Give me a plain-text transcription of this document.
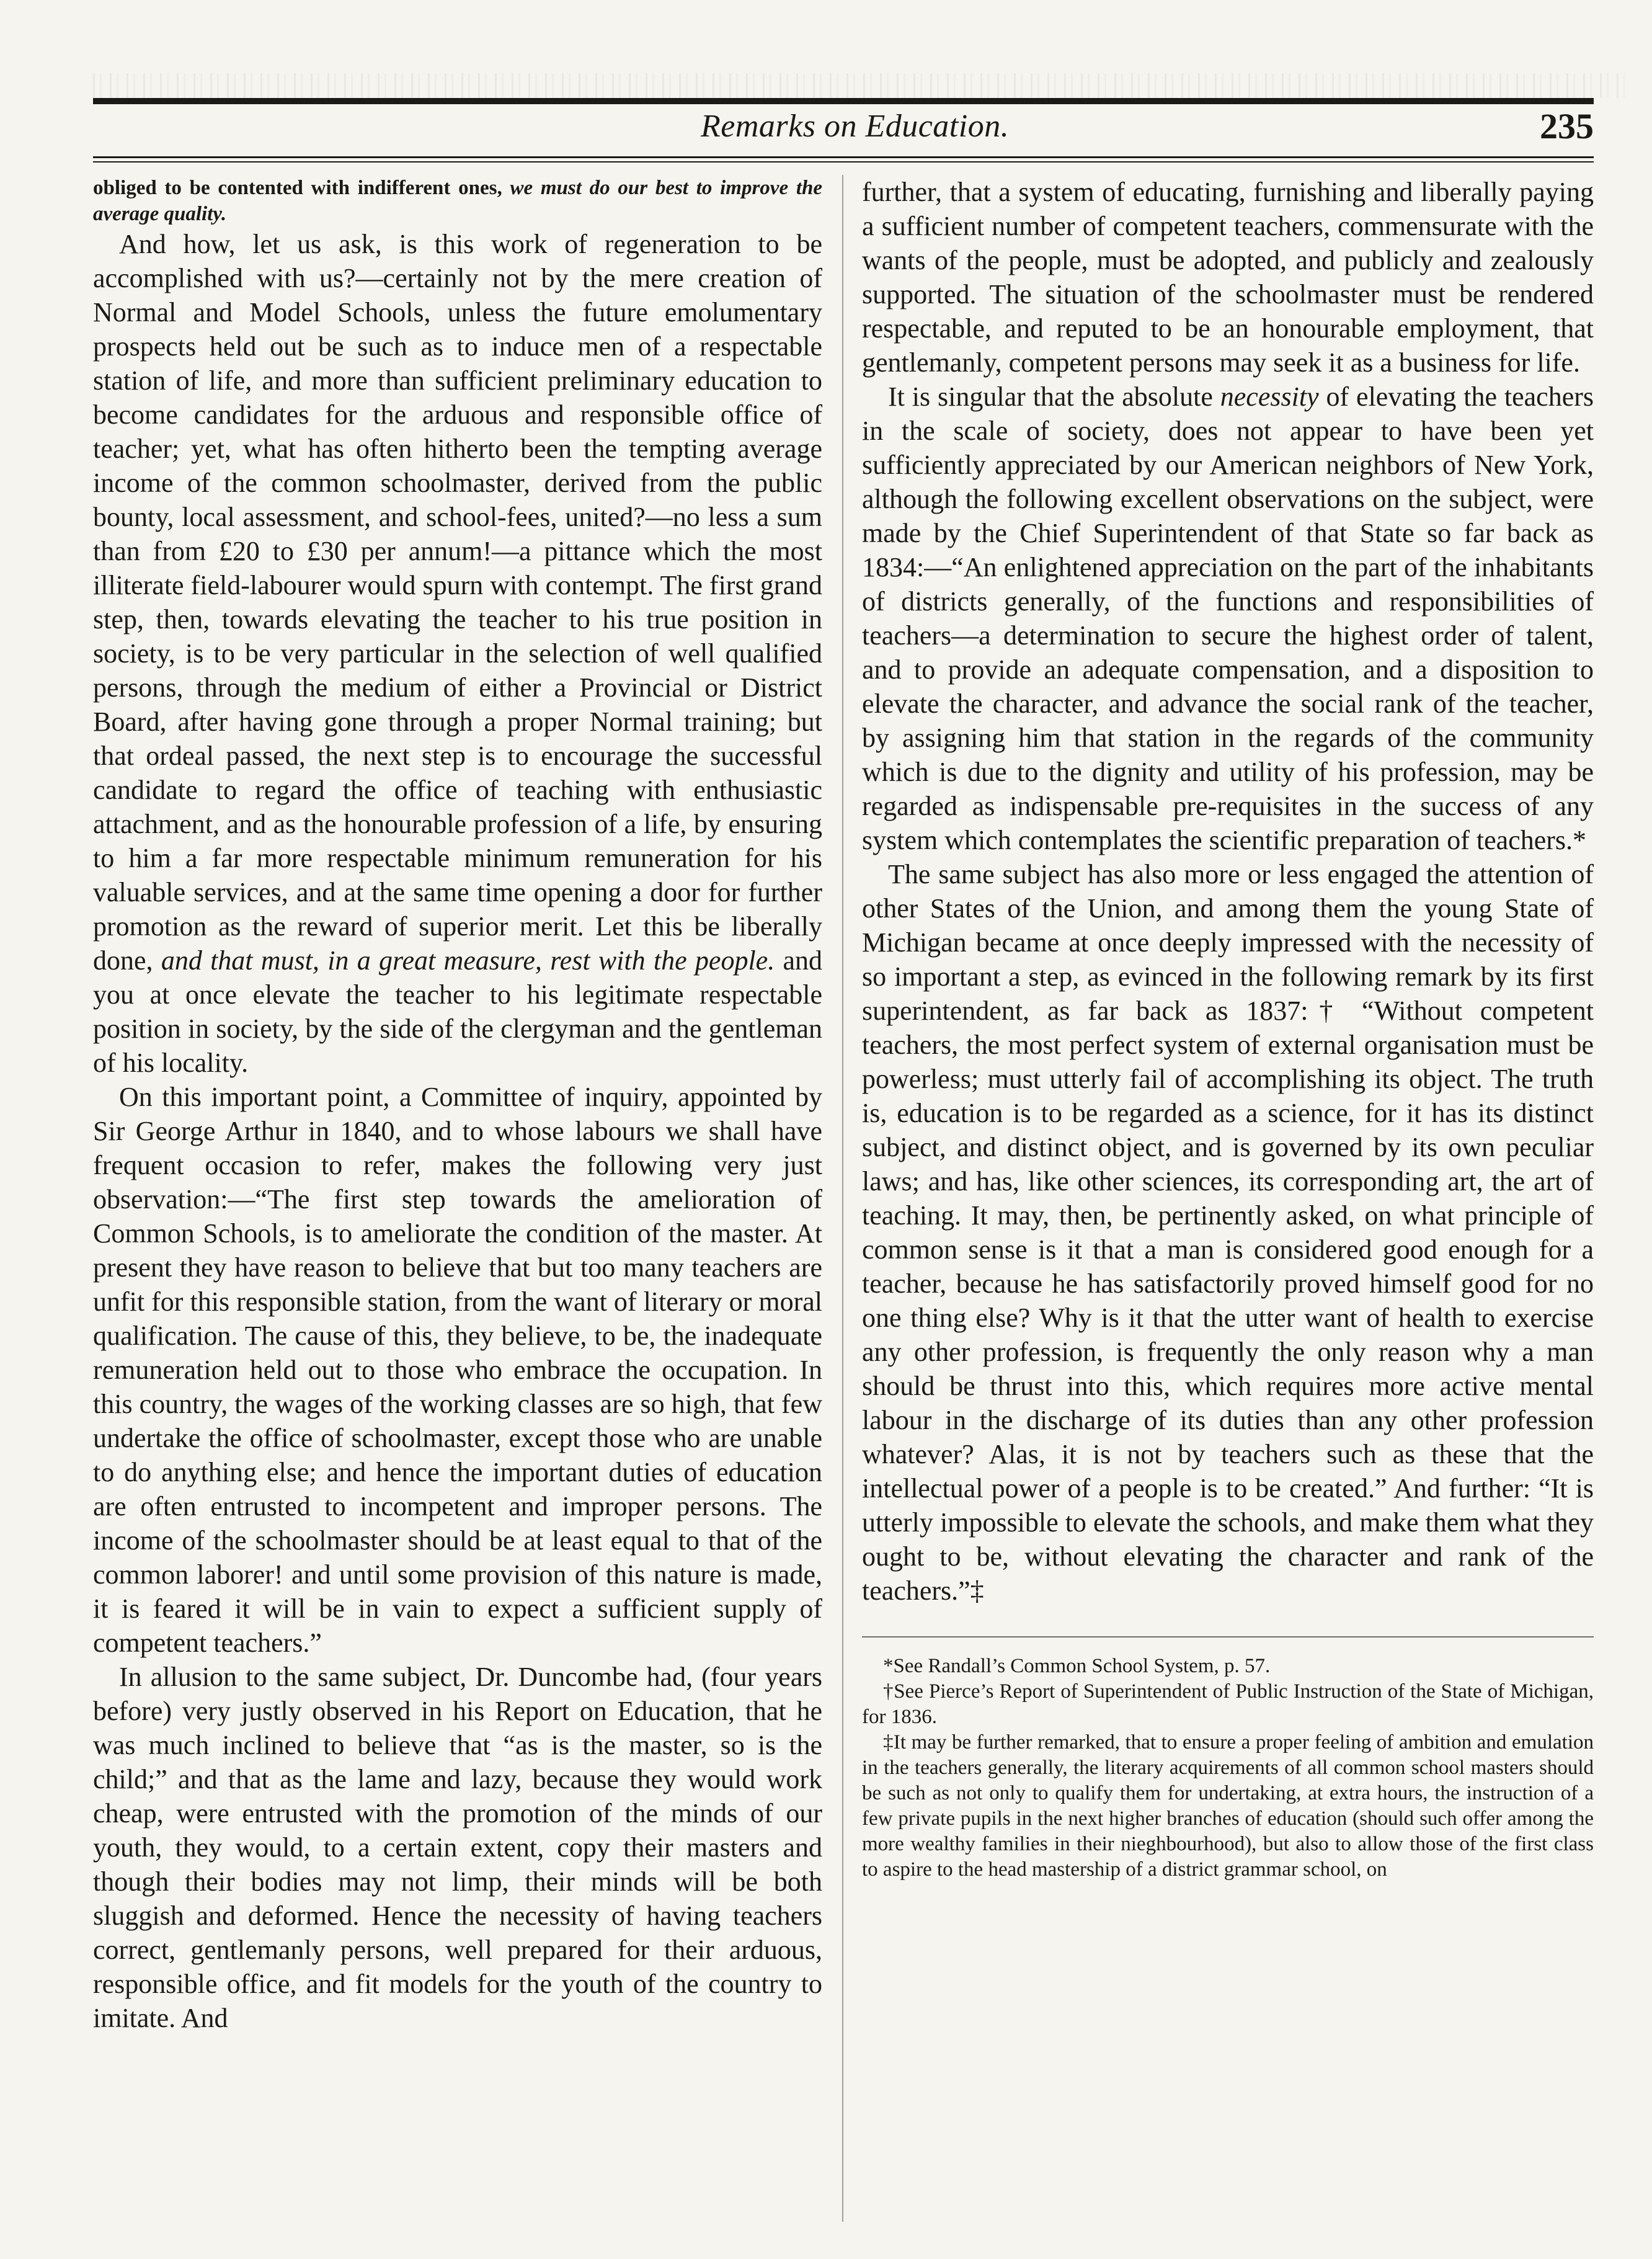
Remarks on Education.	235

obliged to be contented with indifferent ones, we must do our best to improve the average quality.

And how, let us ask, is this work of regeneration to be accomplished with us?—certainly not by the mere creation of Normal and Model Schools, unless the future emolumentary prospects held out be such as to induce men of a respectable station of life, and more than sufficient preliminary education to become candidates for the arduous and responsible office of teacher; yet, what has often hitherto been the tempting average income of the common schoolmaster, derived from the public bounty, local assessment, and school-fees, united?—no less a sum than from £20 to £30 per annum!—a pittance which the most illiterate field-labourer would spurn with contempt. The first grand step, then, towards elevating the teacher to his true position in society, is to be very particular in the selection of well qualified persons, through the medium of either a Provincial or District Board, after having gone through a proper Normal training; but that ordeal passed, the next step is to encourage the successful candidate to regard the office of teaching with enthusiastic attachment, and as the honourable profession of a life, by ensuring to him a far more respectable minimum remuneration for his valuable services, and at the same time opening a door for further promotion as the reward of superior merit. Let this be liberally done, and that must, in a great measure, rest with the people. and you at once elevate the teacher to his legitimate respectable position in society, by the side of the clergyman and the gentleman of his locality.

On this important point, a Committee of inquiry, appointed by Sir George Arthur in 1840, and to whose labours we shall have frequent occasion to refer, makes the following very just observation:—“The first step towards the amelioration of Common Schools, is to ameliorate the condition of the master. At present they have reason to believe that but too many teachers are unfit for this responsible station, from the want of literary or moral qualification. The cause of this, they believe, to be, the inadequate remuneration held out to those who embrace the occupation. In this country, the wages of the working classes are so high, that few undertake the office of schoolmaster, except those who are unable to do anything else; and hence the important duties of education are often entrusted to incompetent and improper persons. The income of the schoolmaster should be at least equal to that of the common laborer! and until some provision of this nature is made, it is feared it will be in vain to expect a sufficient supply of competent teachers.”

In allusion to the same subject, Dr. Duncombe had, (four years before) very justly observed in his Report on Education, that he was much inclined to believe that “as is the master, so is the child;” and that as the lame and lazy, because they would work cheap, were entrusted with the promotion of the minds of our youth, they would, to a certain extent, copy their masters and though their bodies may not limp, their minds will be both sluggish and deformed. Hence the necessity of having teachers correct, gentlemanly persons, well prepared for their arduous, responsible office, and fit models for the youth of the country to imitate. And

further, that a system of educating, furnishing and liberally paying a sufficient number of competent teachers, commensurate with the wants of the people, must be adopted, and publicly and zealously supported. The situation of the schoolmaster must be rendered respectable, and reputed to be an honourable employment, that gentlemanly, competent persons may seek it as a business for life.

It is singular that the absolute necessity of elevating the teachers in the scale of society, does not appear to have been yet sufficiently appreciated by our American neighbors of New York, although the following excellent observations on the subject, were made by the Chief Superintendent of that State so far back as 1834:—“An enlightened appreciation on the part of the inhabitants of districts generally, of the functions and responsibilities of teachers—a determination to secure the highest order of talent, and to provide an adequate compensation, and a disposition to elevate the character, and advance the social rank of the teacher, by assigning him that station in the regards of the community which is due to the dignity and utility of his profession, may be regarded as indispensable pre-requisites in the success of any system which contemplates the scientific preparation of teachers.*

The same subject has also more or less engaged the attention of other States of the Union, and among them the young State of Michigan became at once deeply impressed with the necessity of so important a step, as evinced in the following remark by its first superintendent, as far back as 1837:† “Without competent teachers, the most perfect system of external organisation must be powerless; must utterly fail of accomplishing its object. The truth is, education is to be regarded as a science, for it has its distinct subject, and distinct object, and is governed by its own peculiar laws; and has, like other sciences, its corresponding art, the art of teaching. It may, then, be pertinently asked, on what principle of common sense is it that a man is considered good enough for a teacher, because he has satisfactorily proved himself good for no one thing else? Why is it that the utter want of health to exercise any other profession, is frequently the only reason why a man should be thrust into this, which requires more active mental labour in the discharge of its duties than any other profession whatever? Alas, it is not by teachers such as these that the intellectual power of a people is to be created.” And further: “It is utterly impossible to elevate the schools, and make them what they ought to be, without elevating the character and rank of the teachers.”‡

*See Randall’s Common School System, p. 57.

†See Pierce’s Report of Superintendent of Public Instruction of the State of Michigan, for 1836.

‡It may be further remarked, that to ensure a proper feeling of ambition and emulation in the teachers generally, the literary acquirements of all common school masters should be such as not only to qualify them for undertaking, at extra hours, the instruction of a few private pupils in the next higher branches of education (should such offer among the more wealthy families in their nieghbourhood), but also to allow those of the first class to aspire to the head mastership of a district grammar school, on
